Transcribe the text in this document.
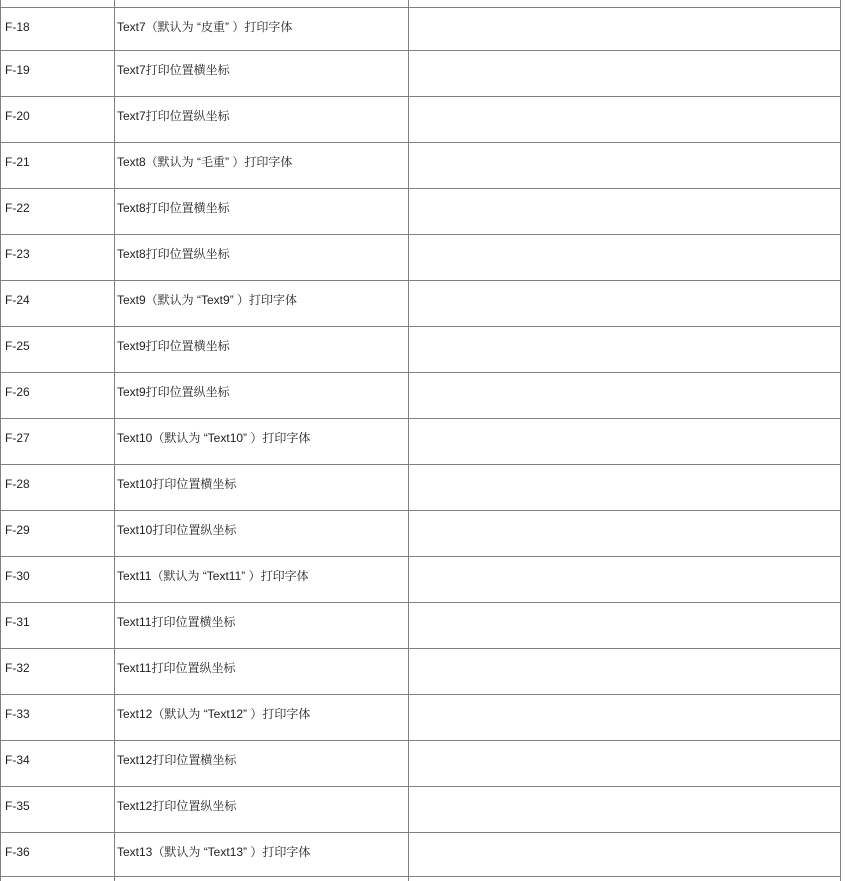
F-18	Text7（默认为 “皮重” ）打印字体	
F-19	Text7打印位置横坐标	
F-20	Text7打印位置纵坐标	
F-21	Text8（默认为 “毛重” ）打印字体	
F-22	Text8打印位置横坐标	
F-23	Text8打印位置纵坐标	
F-24	Text9（默认为 “Text9” ）打印字体	
F-25	Text9打印位置横坐标	
F-26	Text9打印位置纵坐标	
F-27	Text10（默认为 “Text10” ）打印字体	
F-28	Text10打印位置横坐标	
F-29	Text10打印位置纵坐标	
F-30	Text11（默认为 “Text11” ）打印字体	
F-31	Text11打印位置横坐标	
F-32	Text11打印位置纵坐标	
F-33	Text12（默认为 “Text12” ）打印字体	
F-34	Text12打印位置横坐标	
F-35	Text12打印位置纵坐标	
F-36	Text13（默认为 “Text13” ）打印字体	
